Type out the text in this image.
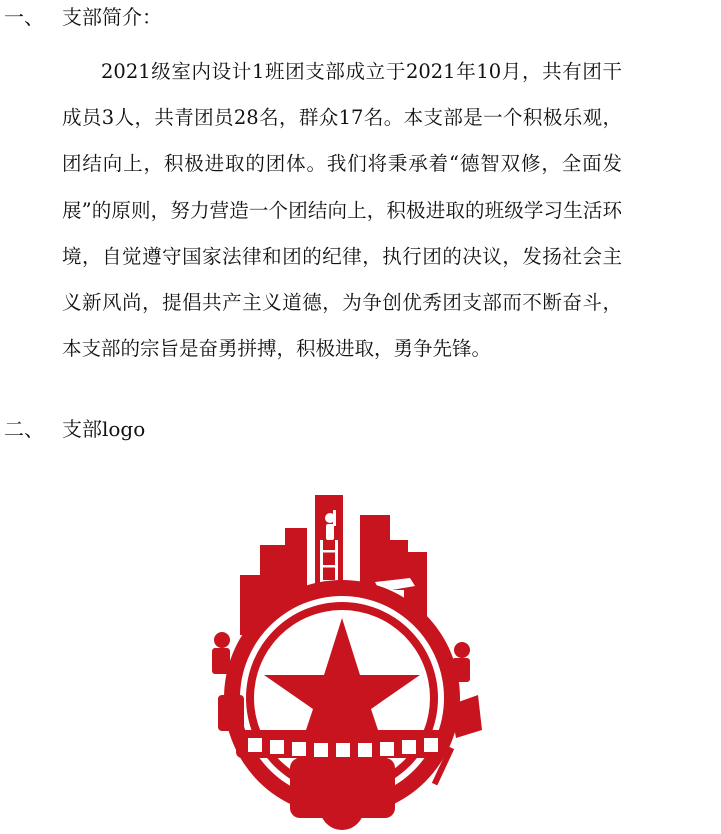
一、 支部简介：

2021级室内设计1班团支部成立于2021年10月，共有团干成员3人，共青团员28名，群众17名。本支部是一个积极乐观，团结向上，积极进取的团体。我们将秉承着“德智双修，全面发展”的原则，努力营造一个团结向上，积极进取的班级学习生活环境，自觉遵守国家法律和团的纪律，执行团的决议，发扬社会主义新风尚，提倡共产主义道德，为争创优秀团支部而不断奋斗，本支部的宗旨是奋勇拼搏，积极进取，勇争先锋。

二、 支部logo
